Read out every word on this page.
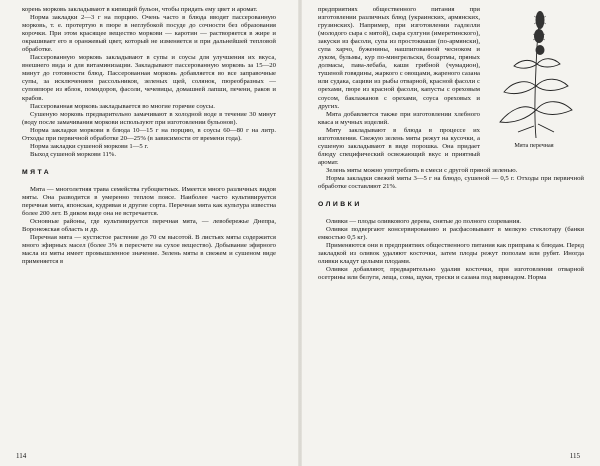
корень морковь закладывают в кипящий бульон, чтобы придать ему цвет и аромат.

Норма закладки 2—3 г на порцию. Очень часто в блюда вводят пассерованную морковь, т. е. протертую в пюре в неглубокой посуде до сочности без образования корочки. При этом красящее вещество моркови — каротин — растворяется в жире и окрашивает его в оранжевый цвет, который не изменяется и при дальнейшей тепловой обработке.

Пассерованную морковь закладывают в супы и соусы для улучшения их вкуса, внешнего вида и для витаминизации. Закладывают пассерованную морковь за 15—20 минут до готовности блюд. Пассерованная морковь добавляется во все заправочные супы, за исключением рассольников, зеленых щей, солянок, пюреобразных — суповпюре из яблок, помидоров, фасоли, чечевицы, домашней лапши, печени, раков и крабов.

Пассерованная морковь закладывается во многие горячие соусы.

Сушеную морковь предварительно замачивают в холодной воде в течение 30 минут (воду после замачивания моркови используют при изготовлении бульонов).

Норма закладки моркови в блюда 10—15 г на порцию, в соусы 60—80 г на литр. Отходы при первичной обработке 20—25% (в зависимости от времени года).

Норма закладки сушеной моркови 1—5 г.

Выход сушеной моркови 11%.

МЯТА

Мята — многолетняя трава семейства губоцветных. Имеется много различных видов мяты. Она разводится в умеренно теплом поясе. Наиболее часто культивируется перечная мята, японская, кудрявая и другие сорта. Перечная мята как культура известна более 200 лет. В диком виде она не встречается.

Основные районы, где культивируется перечная мята, — левобережье Днепра, Воронежская область и др.

Перечная мята — кустистое растение до 70 см высотой. В листьях мяты содержится много эфирных масел (более 3% в пересчете на сухое вещество). Добывание эфирного масла из мяты имеет промышленное значение. Зелень мяты в свежем и сушеном виде применяется в

114
Мята перечная

предприятиях общественного питания при изготовлении различных блюд (украинских, армянских, грузинских). Например, при изготовлении гадлелли (молодого сыра с мятой), сыра сулгуни (имеретинского), закуски из фасоли, супа из простокваши (по-армянски), супа харчо, буженины, нашпигованной чесноком и луком, бульмы, кур по-мингрельски, бозартмы, пряных долмасы, пава-лебаба, каши грибной (чумадион), тушеной говядины, жаркого с овощами, жареного сазана или судака, сациви из рыбы отварной, красной фасоли с орехами, пюре из красной фасоли, капусты с ореховым соусом, баклажанов с орехами, соуса ореховых и других.

Мята добавляется также при изготовлении хлебного кваса и мучных изделий.

Мяту закладывают в блюда в процессе их изготовления. Свежую зелень мяты режут на кусочки, а сушеную закладывают в виде порошка. Она придает блюду специфический освежающий вкус и приятный аромат.

Зелень мяты можно употреблять в смеси с другой пряной зеленью.

Норма закладки свежей мяты 3—5 г на блюдо, сушеной — 0,5 г. Отходы при первичной обработке составляют 21%.

ОЛИВКИ

Оливки — плоды оливкового дерева, снятые до полного созревания.

Оливки подвергают консервированию и расфасовывают в мелкую стеклотару (банки емкостью 0,5 кг).

Применяются они в предприятиях общественного питания как приправа к блюдам. Перед закладкой из оливок удаляют косточки, затем плоды режут пополам или рубят. Иногда оливки кладут целыми плодами.

Оливки добавляют, предварительно удалив косточки, при изготовлении отварной осетрины или белуги, леща, сома, щуки, трески и сазана под маринадом. Норма

115
